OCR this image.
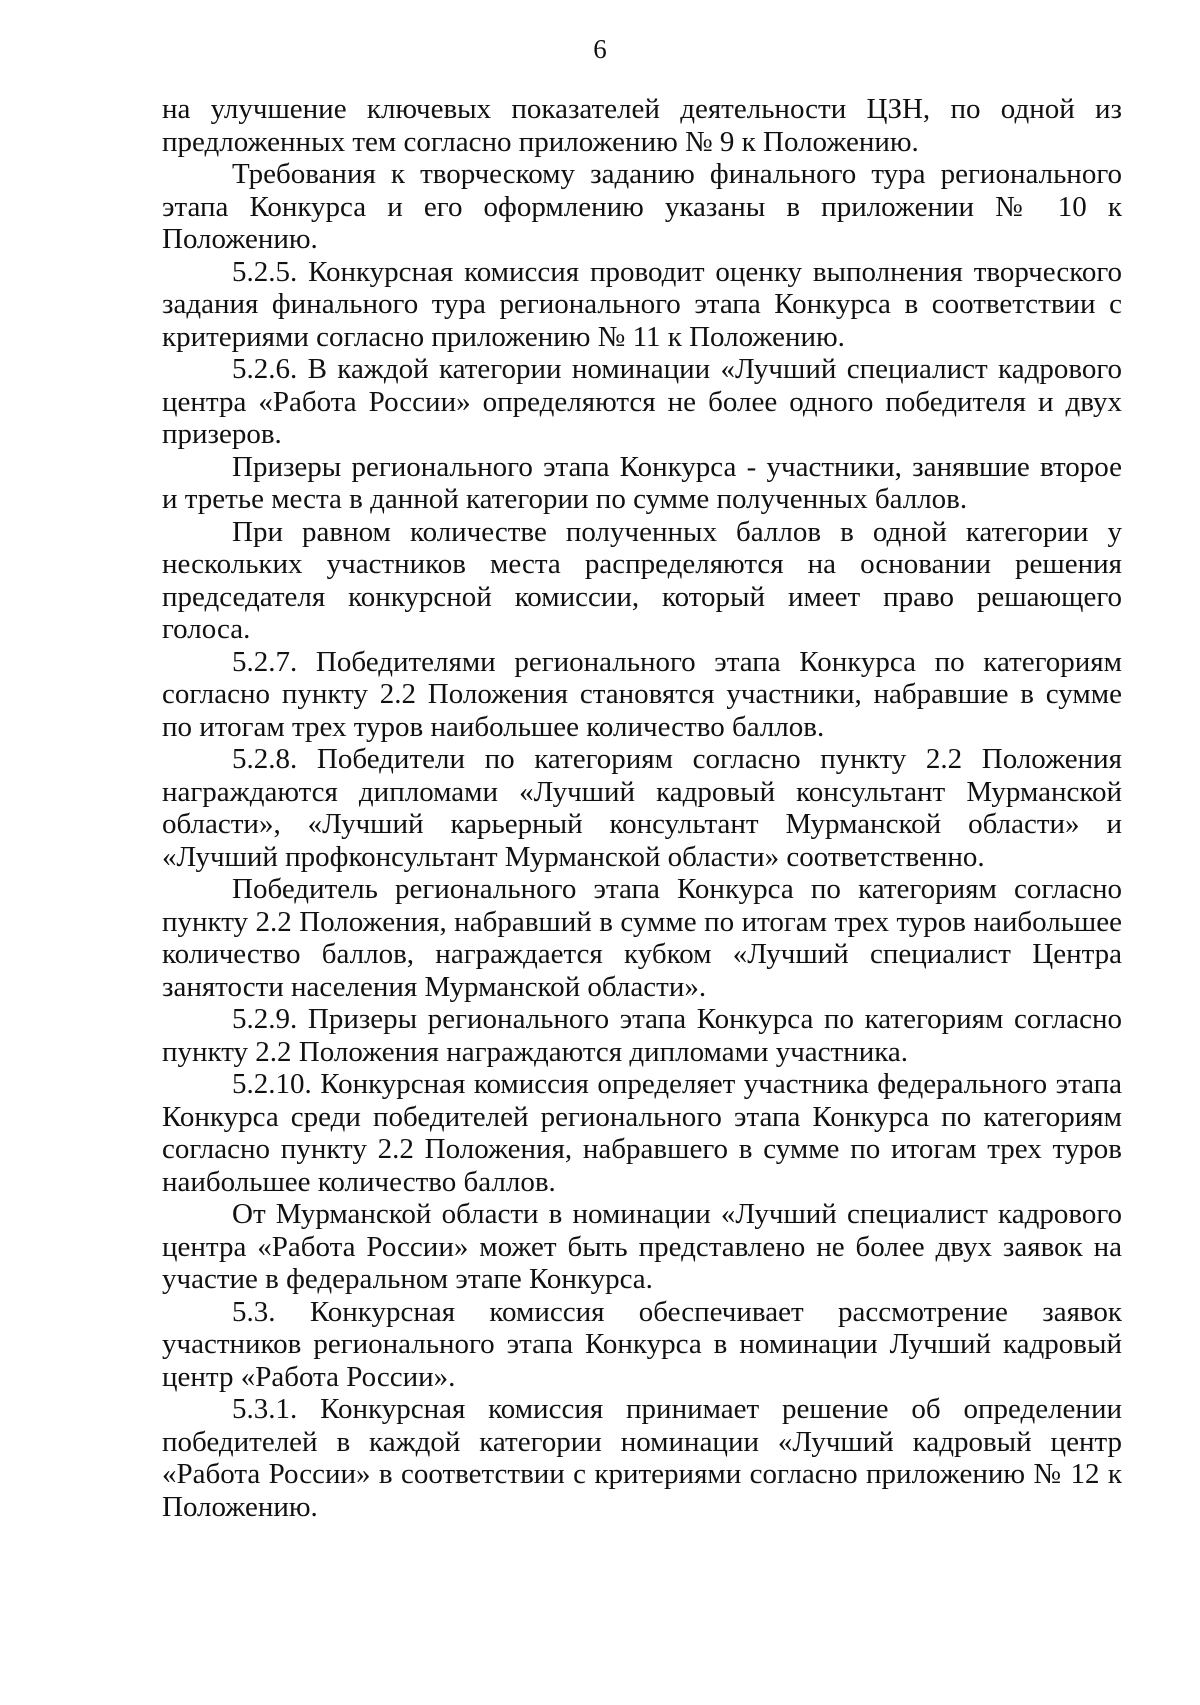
6

на улучшение ключевых показателей деятельности ЦЗН, по одной из предложенных тем согласно приложению № 9 к Положению.

Требования к творческому заданию финального тура регионального этапа Конкурса и его оформлению указаны в приложении № 10 к Положению.

5.2.5. Конкурсная комиссия проводит оценку выполнения творческого задания финального тура регионального этапа Конкурса в соответствии с критериями согласно приложению № 11 к Положению.

5.2.6. В каждой категории номинации «Лучший специалист кадрового центра «Работа России» определяются не более одного победителя и двух призеров.

Призеры регионального этапа Конкурса - участники, занявшие второе и третье места в данной категории по сумме полученных баллов.

При равном количестве полученных баллов в одной категории у нескольких участников места распределяются на основании решения председателя конкурсной комиссии, который имеет право решающего голоса.

5.2.7. Победителями регионального этапа Конкурса по категориям согласно пункту 2.2 Положения становятся участники, набравшие в сумме по итогам трех туров наибольшее количество баллов.

5.2.8. Победители по категориям согласно пункту 2.2 Положения награждаются дипломами «Лучший кадровый консультант Мурманской области», «Лучший карьерный консультант Мурманской области» и «Лучший профконсультант Мурманской области» соответственно.

Победитель регионального этапа Конкурса по категориям согласно пункту 2.2 Положения, набравший в сумме по итогам трех туров наибольшее количество баллов, награждается кубком «Лучший специалист Центра занятости населения Мурманской области».

5.2.9. Призеры регионального этапа Конкурса по категориям согласно пункту 2.2 Положения награждаются дипломами участника.

5.2.10. Конкурсная комиссия определяет участника федерального этапа Конкурса среди победителей регионального этапа Конкурса по категориям согласно пункту 2.2 Положения, набравшего в сумме по итогам трех туров наибольшее количество баллов.

От Мурманской области в номинации «Лучший специалист кадрового центра «Работа России» может быть представлено не более двух заявок на участие в федеральном этапе Конкурса.

5.3. Конкурсная комиссия обеспечивает рассмотрение заявок участников регионального этапа Конкурса в номинации Лучший кадровый центр «Работа России».

5.3.1. Конкурсная комиссия принимает решение об определении победителей в каждой категории номинации «Лучший кадровый центр «Работа России» в соответствии с критериями согласно приложению № 12 к Положению.
